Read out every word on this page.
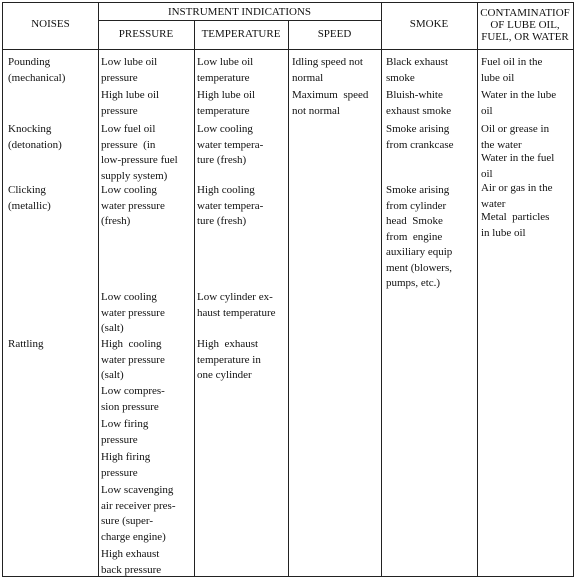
NOISES
INSTRUMENT INDICATIONS
PRESSURE	TEMPERATURE	SPEED
SMOKE
CONTAMINATIOF
OF LUBE OIL,
FUEL, OR WATER
Pounding
(mechanical)
Knocking
(detonation)
Clicking
(metallic)
Rattling
Low lube oil
pressure
High lube oil
pressure
Low fuel oil
pressure  (in
low-pressure fuel
supply system)
Low cooling
water pressure
(fresh)
Low cooling
water pressure
(salt)
High  cooling
water pressure
(salt)
Low compres-
sion pressure
Low firing
pressure
High firing
pressure
Low scavenging
air receiver pres-
sure (super-
charge engine)
High exhaust
back pressure
Low lube oil
temperature
High lube oil
temperature
Low cooling
water tempera-
ture (fresh)
High cooling
water tempera-
ture (fresh)
Low cylinder ex-
haust temperature
High  exhaust
temperature in
one cylinder
Idling speed not
normal
Maximum  speed
not normal
Black exhaust
smoke
Bluish-white
exhaust smoke
Smoke arising
from crankcase
Smoke arising
from cylinder
head  Smoke
from  engine
auxiliary equip
ment (blowers,
pumps, etc.)
Fuel oil in the
lube oil
Water in the lube
oil
Oil or grease in
the water
Water in the fuel
oil
Air or gas in the
water
Metal  particles
in lube oil
